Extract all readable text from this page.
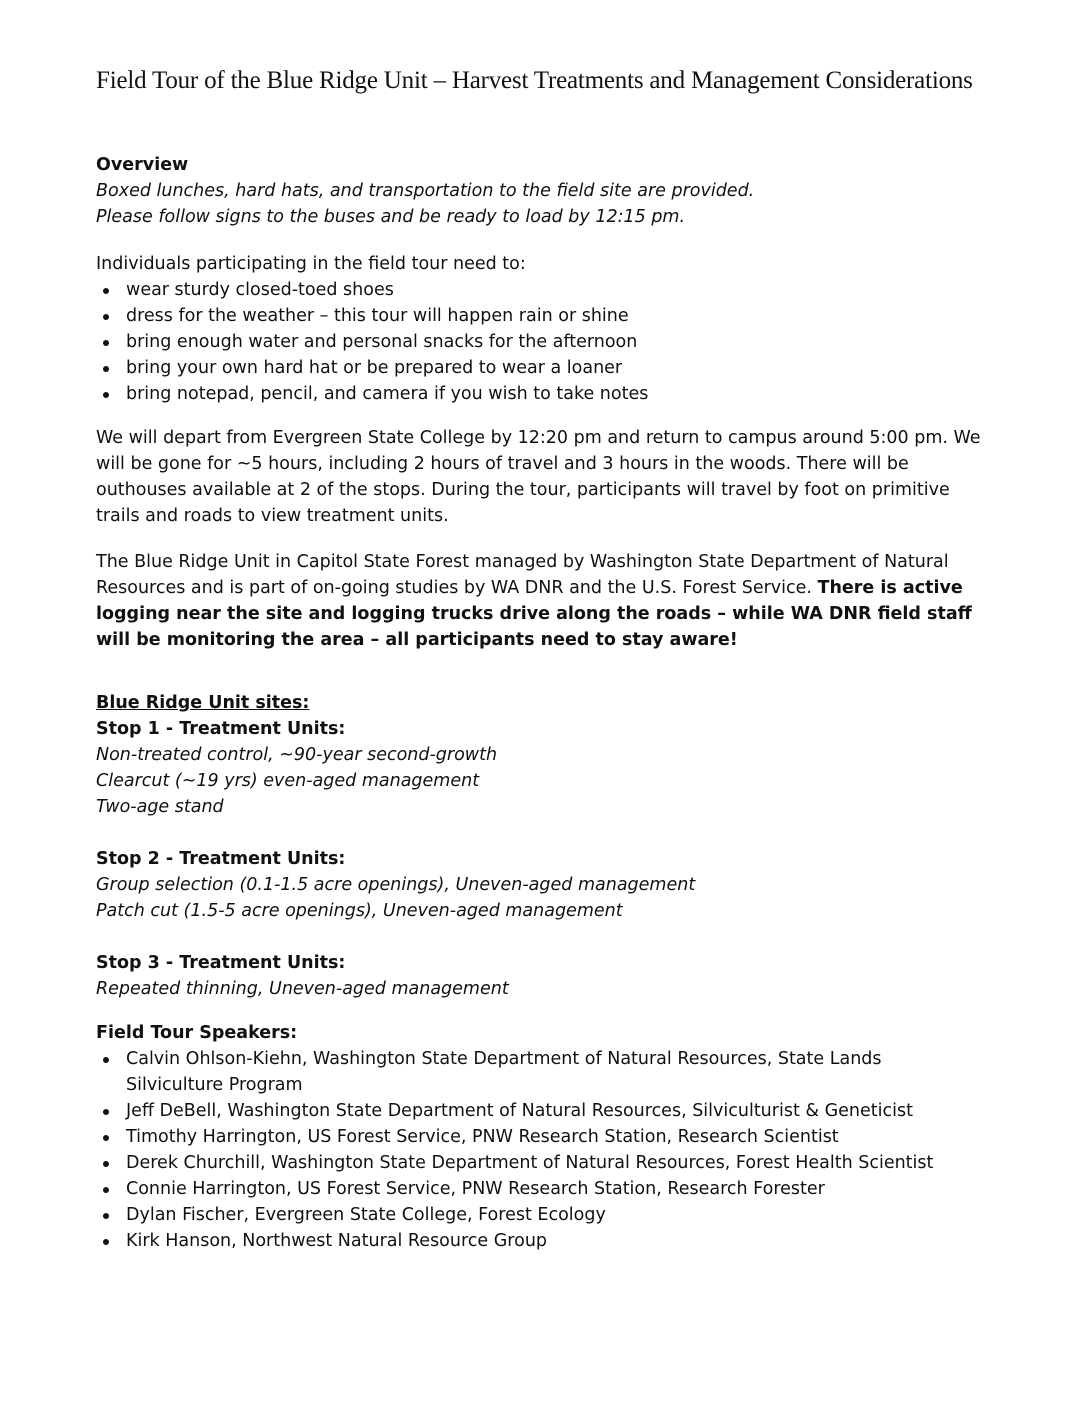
Field Tour of the Blue Ridge Unit – Harvest Treatments and Management Considerations
Overview
Boxed lunches, hard hats, and transportation to the field site are provided.
Please follow signs to the buses and be ready to load by 12:15 pm.
Individuals participating in the field tour need to:
wear sturdy closed-toed shoes
dress for the weather – this tour will happen rain or shine
bring enough water and personal snacks for the afternoon
bring your own hard hat or be prepared to wear a loaner
bring notepad, pencil, and camera if you wish to take notes
We will depart from Evergreen State College by 12:20 pm and return to campus around 5:00 pm. We will be gone for ~5 hours, including 2 hours of travel and 3 hours in the woods. There will be outhouses available at 2 of the stops. During the tour, participants will travel by foot on primitive trails and roads to view treatment units.
The Blue Ridge Unit in Capitol State Forest managed by Washington State Department of Natural Resources and is part of on-going studies by WA DNR and the U.S. Forest Service. There is active logging near the site and logging trucks drive along the roads – while WA DNR field staff will be monitoring the area – all participants need to stay aware!
Blue Ridge Unit sites:
Stop 1 - Treatment Units:
Non-treated control, ~90-year second-growth
Clearcut (~19 yrs) even-aged management
Two-age stand
Stop 2 - Treatment Units:
Group selection (0.1-1.5 acre openings), Uneven-aged management
Patch cut (1.5-5 acre openings), Uneven-aged management
Stop 3 - Treatment Units:
Repeated thinning, Uneven-aged management
Field Tour Speakers:
Calvin Ohlson-Kiehn, Washington State Department of Natural Resources, State Lands Silviculture Program
Jeff DeBell, Washington State Department of Natural Resources, Silviculturist & Geneticist
Timothy Harrington, US Forest Service, PNW Research Station, Research Scientist
Derek Churchill, Washington State Department of Natural Resources, Forest Health Scientist
Connie Harrington, US Forest Service, PNW Research Station, Research Forester
Dylan Fischer, Evergreen State College, Forest Ecology
Kirk Hanson, Northwest Natural Resource Group
